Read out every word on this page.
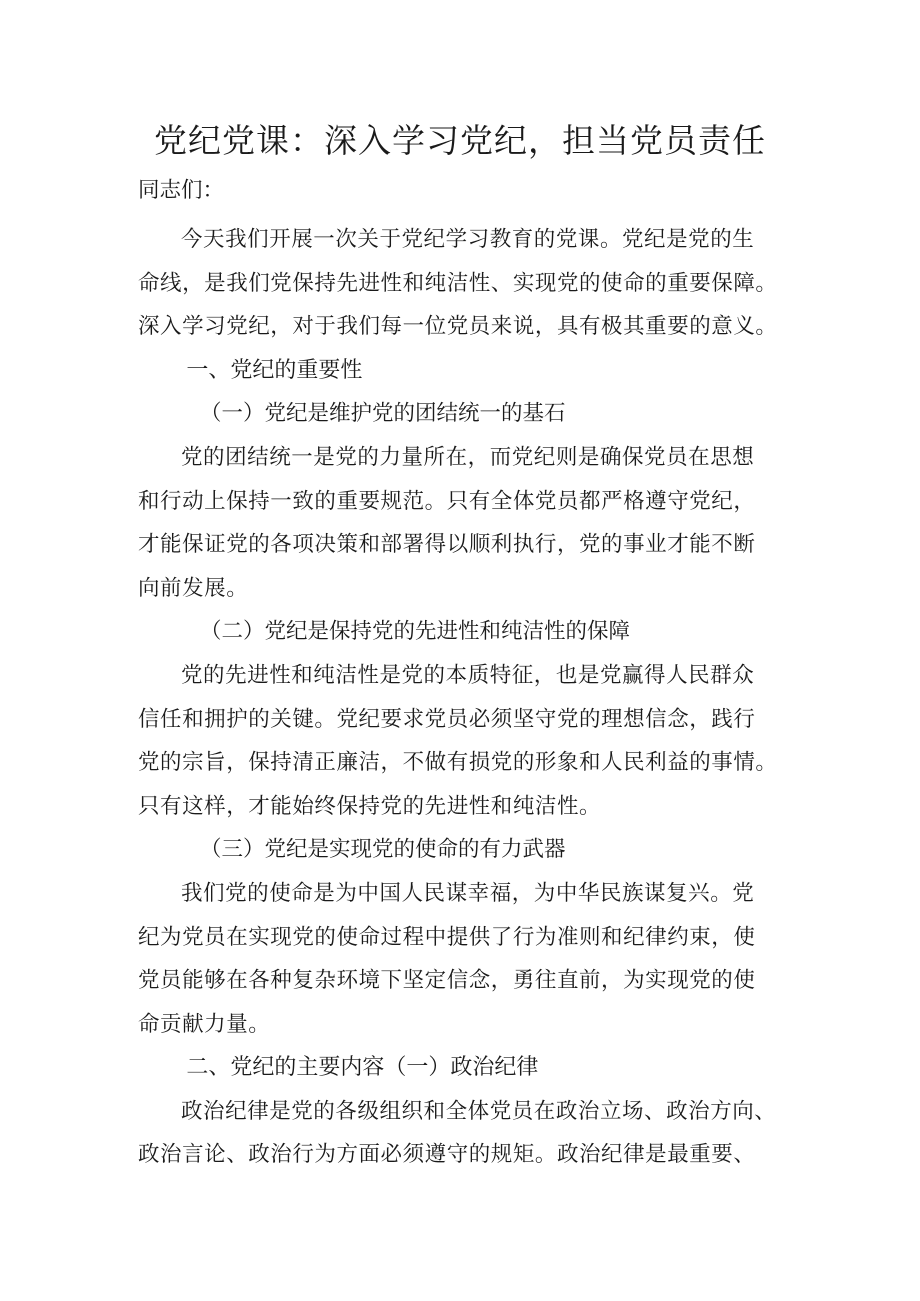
党纪党课：深入学习党纪，担当党员责任

同志们：

今天我们开展一次关于党纪学习教育的党课。党纪是党的生
命线，是我们党保持先进性和纯洁性、实现党的使命的重要保障。
深入学习党纪，对于我们每一位党员来说，具有极其重要的意义。

一、党纪的重要性

（一）党纪是维护党的团结统一的基石

党的团结统一是党的力量所在，而党纪则是确保党员在思想
和行动上保持一致的重要规范。只有全体党员都严格遵守党纪，
才能保证党的各项决策和部署得以顺利执行，党的事业才能不断
向前发展。

（二）党纪是保持党的先进性和纯洁性的保障

党的先进性和纯洁性是党的本质特征，也是党赢得人民群众
信任和拥护的关键。党纪要求党员必须坚守党的理想信念，践行
党的宗旨，保持清正廉洁，不做有损党的形象和人民利益的事情。
只有这样，才能始终保持党的先进性和纯洁性。

（三）党纪是实现党的使命的有力武器

我们党的使命是为中国人民谋幸福，为中华民族谋复兴。党
纪为党员在实现党的使命过程中提供了行为准则和纪律约束，使
党员能够在各种复杂环境下坚定信念，勇往直前，为实现党的使
命贡献力量。

二、党纪的主要内容（一）政治纪律

政治纪律是党的各级组织和全体党员在政治立场、政治方向、
政治言论、政治行为方面必须遵守的规矩。政治纪律是最重要、
